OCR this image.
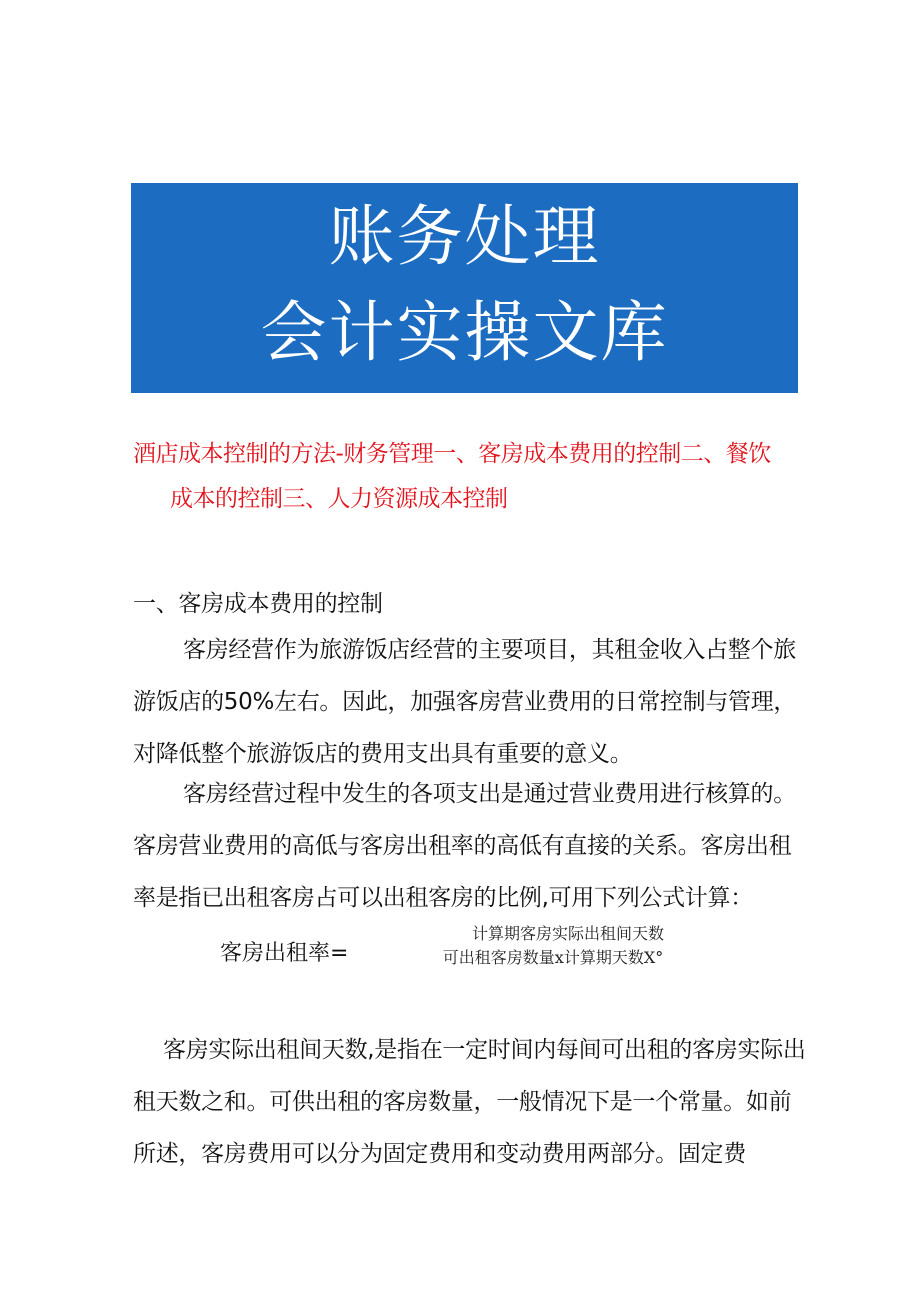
账务处理
会计实操文库
酒店成本控制的方法-财务管理一、客房成本费用的控制二、餐饮
成本的控制三、人力资源成本控制
一、客房成本费用的控制
客房经营作为旅游饭店经营的主要项目，其租金收入占整个旅游饭店的50%左右。因此，加强客房营业费用的日常控制与管理，对降低整个旅游饭店的费用支出具有重要的意义。
客房经营过程中发生的各项支出是通过营业费用进行核算的。客房营业费用的高低与客房出租率的高低有直接的关系。客房出租率是指已出租客房占可以出租客房的比例,可用下列公式计算：
客房出租率=
计算期客房实际出租间天数
可出租客房数量x计算期天数X°
客房实际出租间天数,是指在一定时间内每间可出租的客房实际出租天数之和。可供出租的客房数量，一般情况下是一个常量。如前所述，客房费用可以分为固定费用和变动费用两部分。固定费
